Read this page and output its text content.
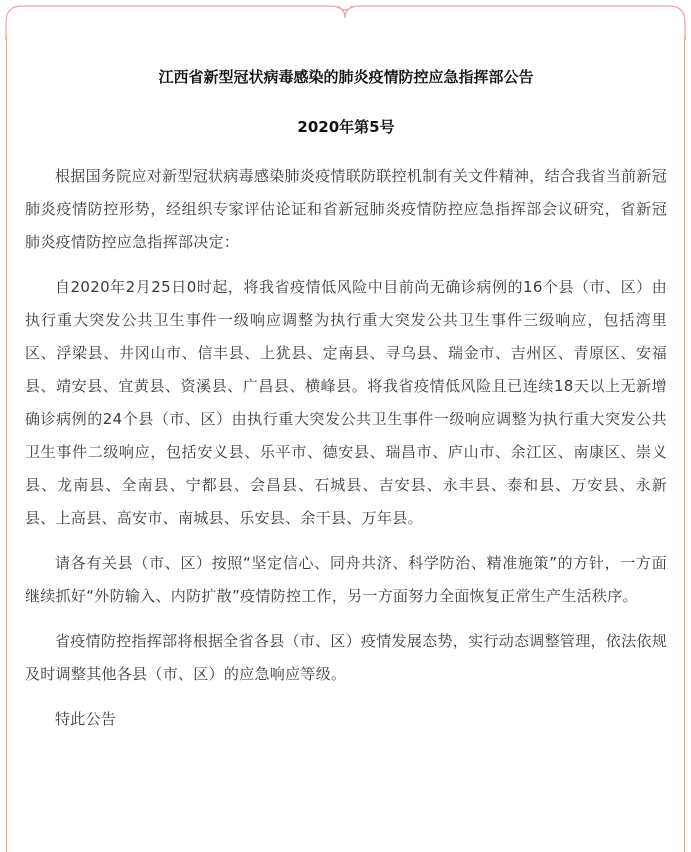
江西省新型冠状病毒感染的肺炎疫情防控应急指挥部公告
2020年第5号

根据国务院应对新型冠状病毒感染肺炎疫情联防联控机制有关文件精神，结合我省当前新冠肺炎疫情防控形势，经组织专家评估论证和省新冠肺炎疫情防控应急指挥部会议研究，省新冠肺炎疫情防控应急指挥部决定：

自2020年2月25日0时起，将我省疫情低风险中目前尚无确诊病例的16个县（市、区）由执行重大突发公共卫生事件一级响应调整为执行重大突发公共卫生事件三级响应，包括湾里区、浮梁县、井冈山市、信丰县、上犹县、定南县、寻乌县、瑞金市、吉州区、青原区、安福县、靖安县、宜黄县、资溪县、广昌县、横峰县。将我省疫情低风险且已连续18天以上无新增确诊病例的24个县（市、区）由执行重大突发公共卫生事件一级响应调整为执行重大突发公共卫生事件二级响应，包括安义县、乐平市、德安县、瑞昌市、庐山市、余江区、南康区、崇义县、龙南县、全南县、宁都县、会昌县、石城县、吉安县、永丰县、泰和县、万安县、永新县、上高县、高安市、南城县、乐安县、余干县、万年县。

请各有关县（市、区）按照“坚定信心、同舟共济、科学防治、精准施策”的方针，一方面继续抓好“外防输入、内防扩散”疫情防控工作，另一方面努力全面恢复正常生产生活秩序。

省疫情防控指挥部将根据全省各县（市、区）疫情发展态势，实行动态调整管理，依法依规及时调整其他各县（市、区）的应急响应等级。

特此公告
